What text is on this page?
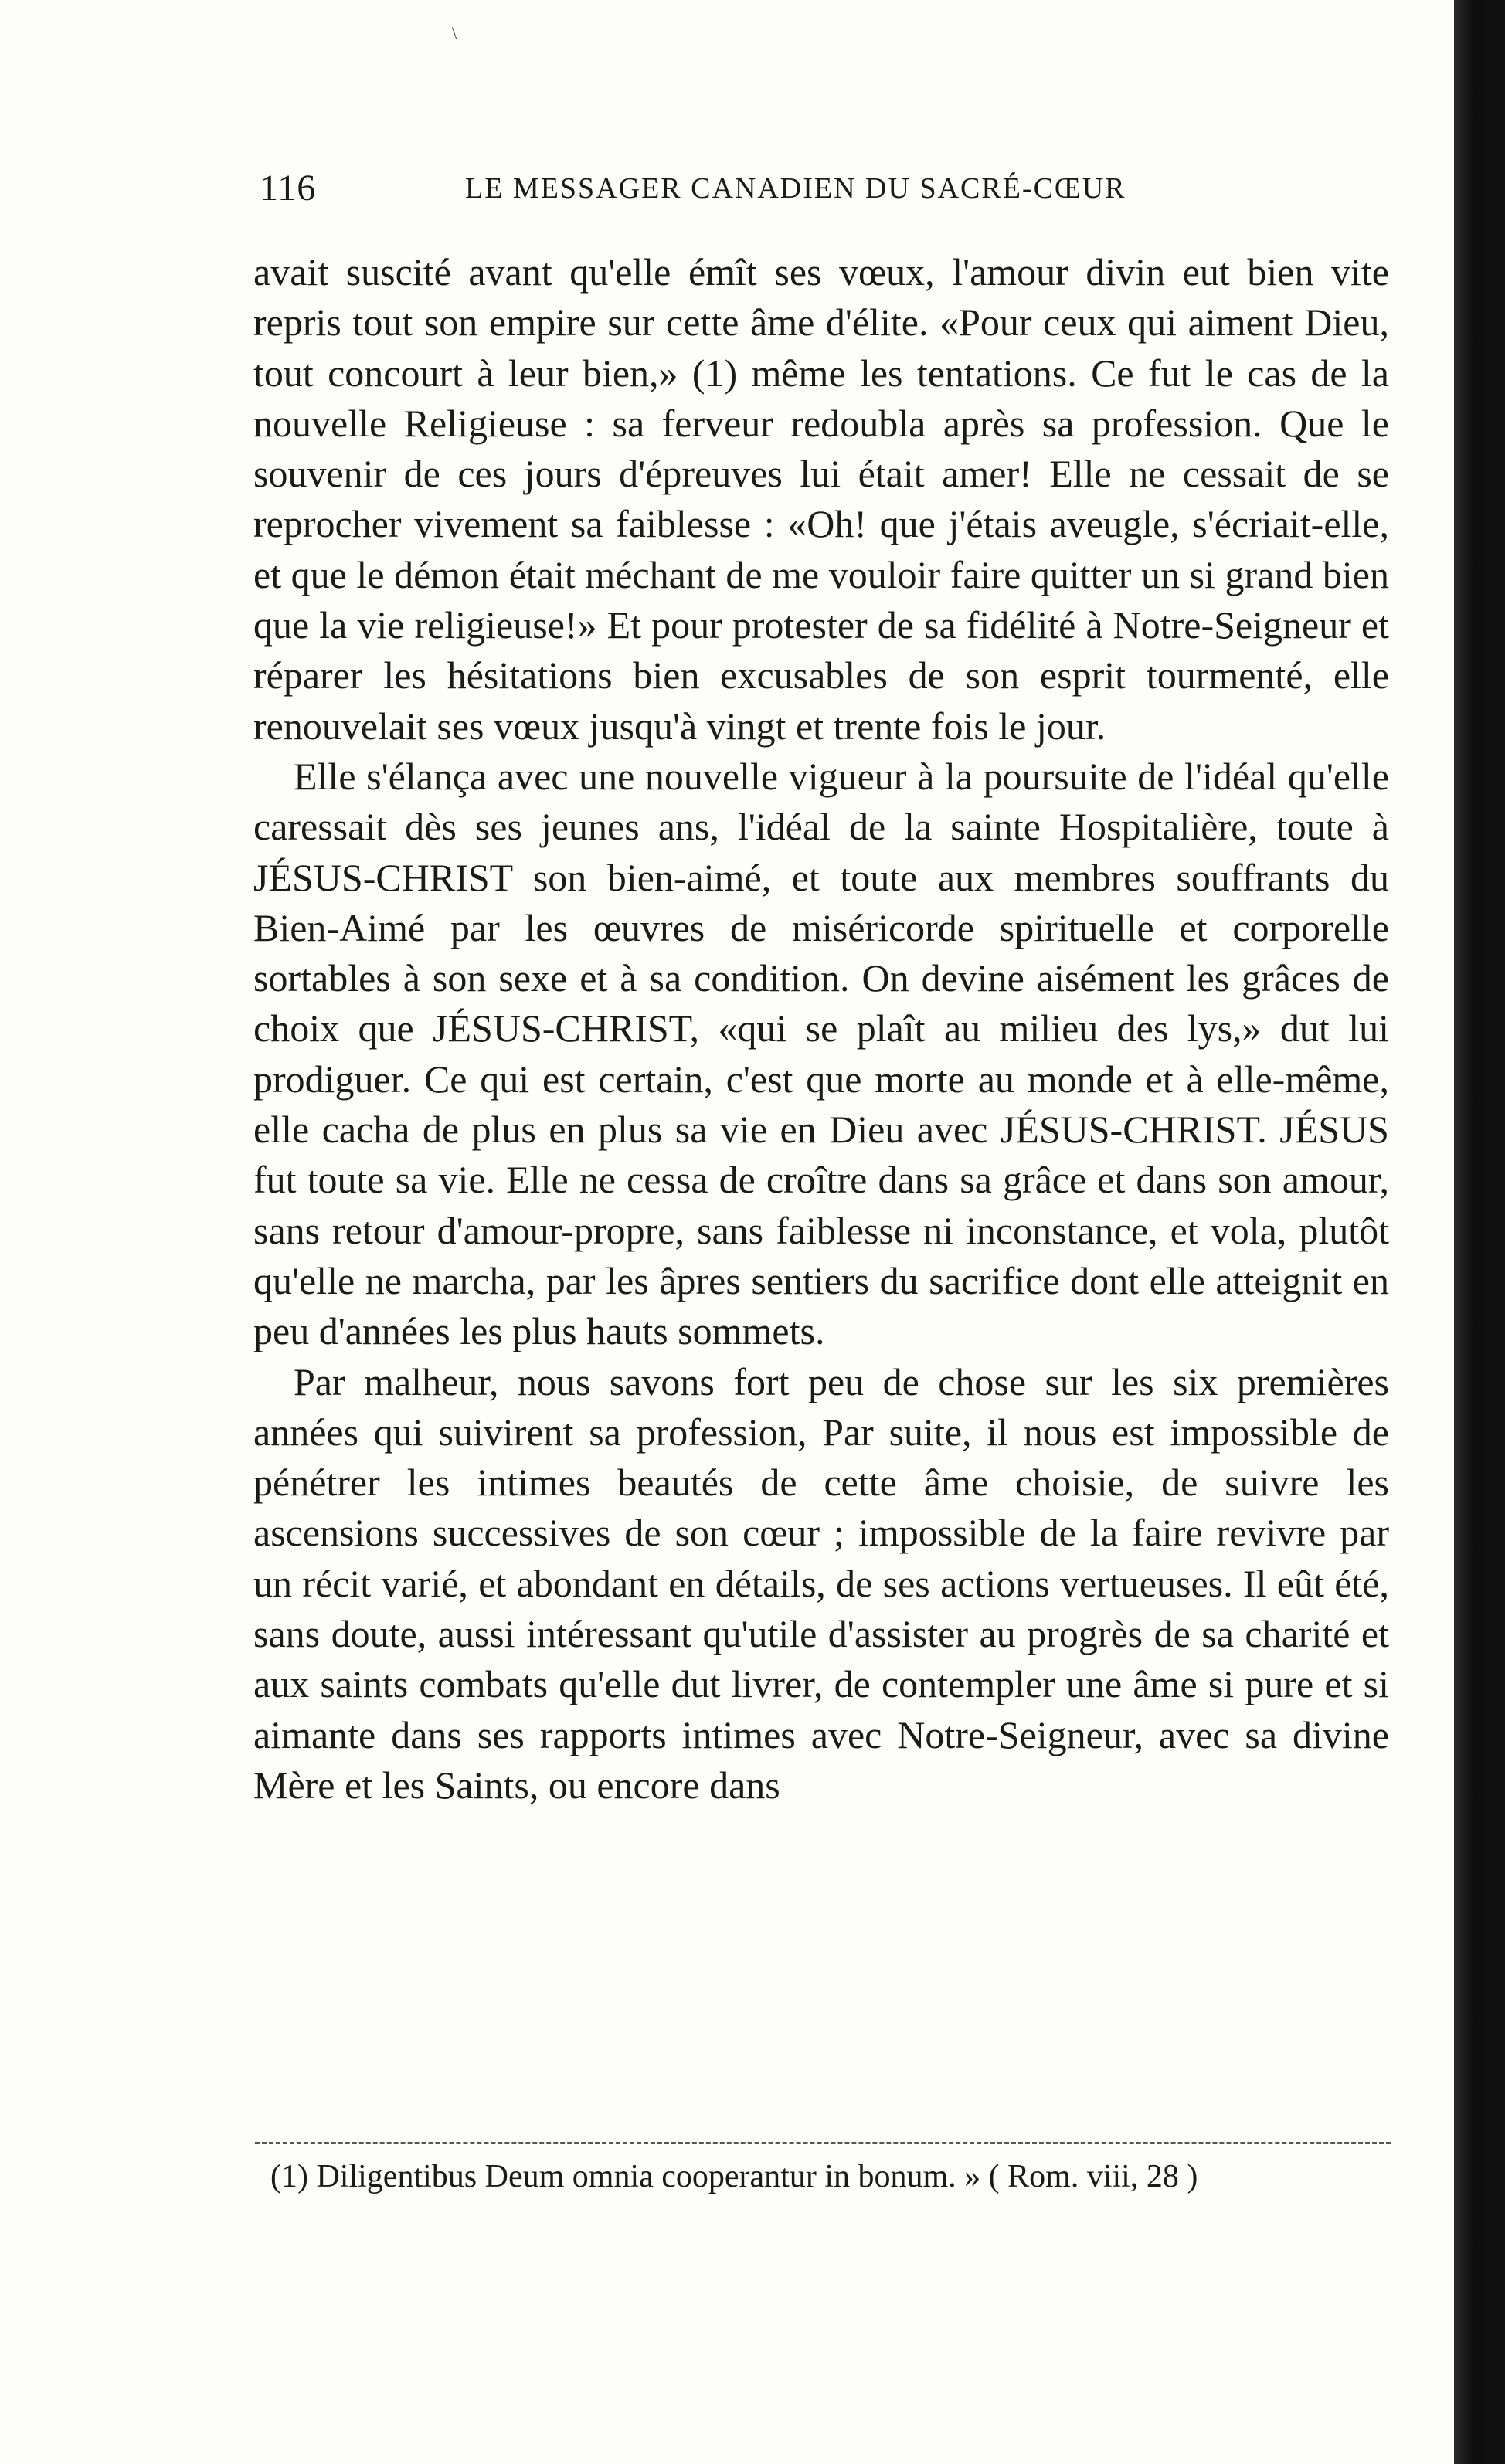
\
116	LE MESSAGER CANADIEN DU SACRÉ-CŒUR

avait suscité avant qu'elle émît ses vœux, l'amour divin eut bien vite repris tout son empire sur cette âme d'élite. «Pour ceux qui aiment Dieu, tout concourt à leur bien,» (1) même les tentations. Ce fut le cas de la nouvelle Religieuse : sa ferveur redoubla après sa profession. Que le souvenir de ces jours d'épreuves lui était amer! Elle ne cessait de se reprocher vivement sa faiblesse : «Oh! que j'étais aveugle, s'écriait-elle, et que le démon était méchant de me vouloir faire quitter un si grand bien que la vie religieuse!» Et pour protester de sa fidélité à Notre-Seigneur et réparer les hésitations bien excusables de son esprit tourmenté, elle renouvelait ses vœux jusqu'à vingt et trente fois le jour.

Elle s'élança avec une nouvelle vigueur à la poursuite de l'idéal qu'elle caressait dès ses jeunes ans, l'idéal de la sainte Hospitalière, toute à JÉSUS-CHRIST son bien-aimé, et toute aux membres souffrants du Bien-Aimé par les œuvres de miséricorde spirituelle et corporelle sortables à son sexe et à sa condition. On devine aisément les grâces de choix que JÉSUS-CHRIST, «qui se plaît au milieu des lys,» dut lui prodiguer. Ce qui est certain, c'est que morte au monde et à elle-même, elle cacha de plus en plus sa vie en Dieu avec JÉSUS-CHRIST. JÉSUS fut toute sa vie. Elle ne cessa de croître dans sa grâce et dans son amour, sans retour d'amour-propre, sans faiblesse ni inconstance, et vola, plutôt qu'elle ne marcha, par les âpres sentiers du sacrifice dont elle atteignit en peu d'années les plus hauts sommets.

Par malheur, nous savons fort peu de chose sur les six premières années qui suivirent sa profession, Par suite, il nous est impossible de pénétrer les intimes beautés de cette âme choisie, de suivre les ascensions successives de son cœur ; impossible de la faire revivre par un récit varié, et abondant en détails, de ses actions vertueuses. Il eût été, sans doute, aussi intéressant qu'utile d'assister au progrès de sa charité et aux saints combats qu'elle dut livrer, de contempler une âme si pure et si aimante dans ses rapports intimes avec Notre-Seigneur, avec sa divine Mère et les Saints, ou encore dans

(1) Diligentibus Deum omnia cooperantur in bonum. » ( Rom. viii, 28 )
